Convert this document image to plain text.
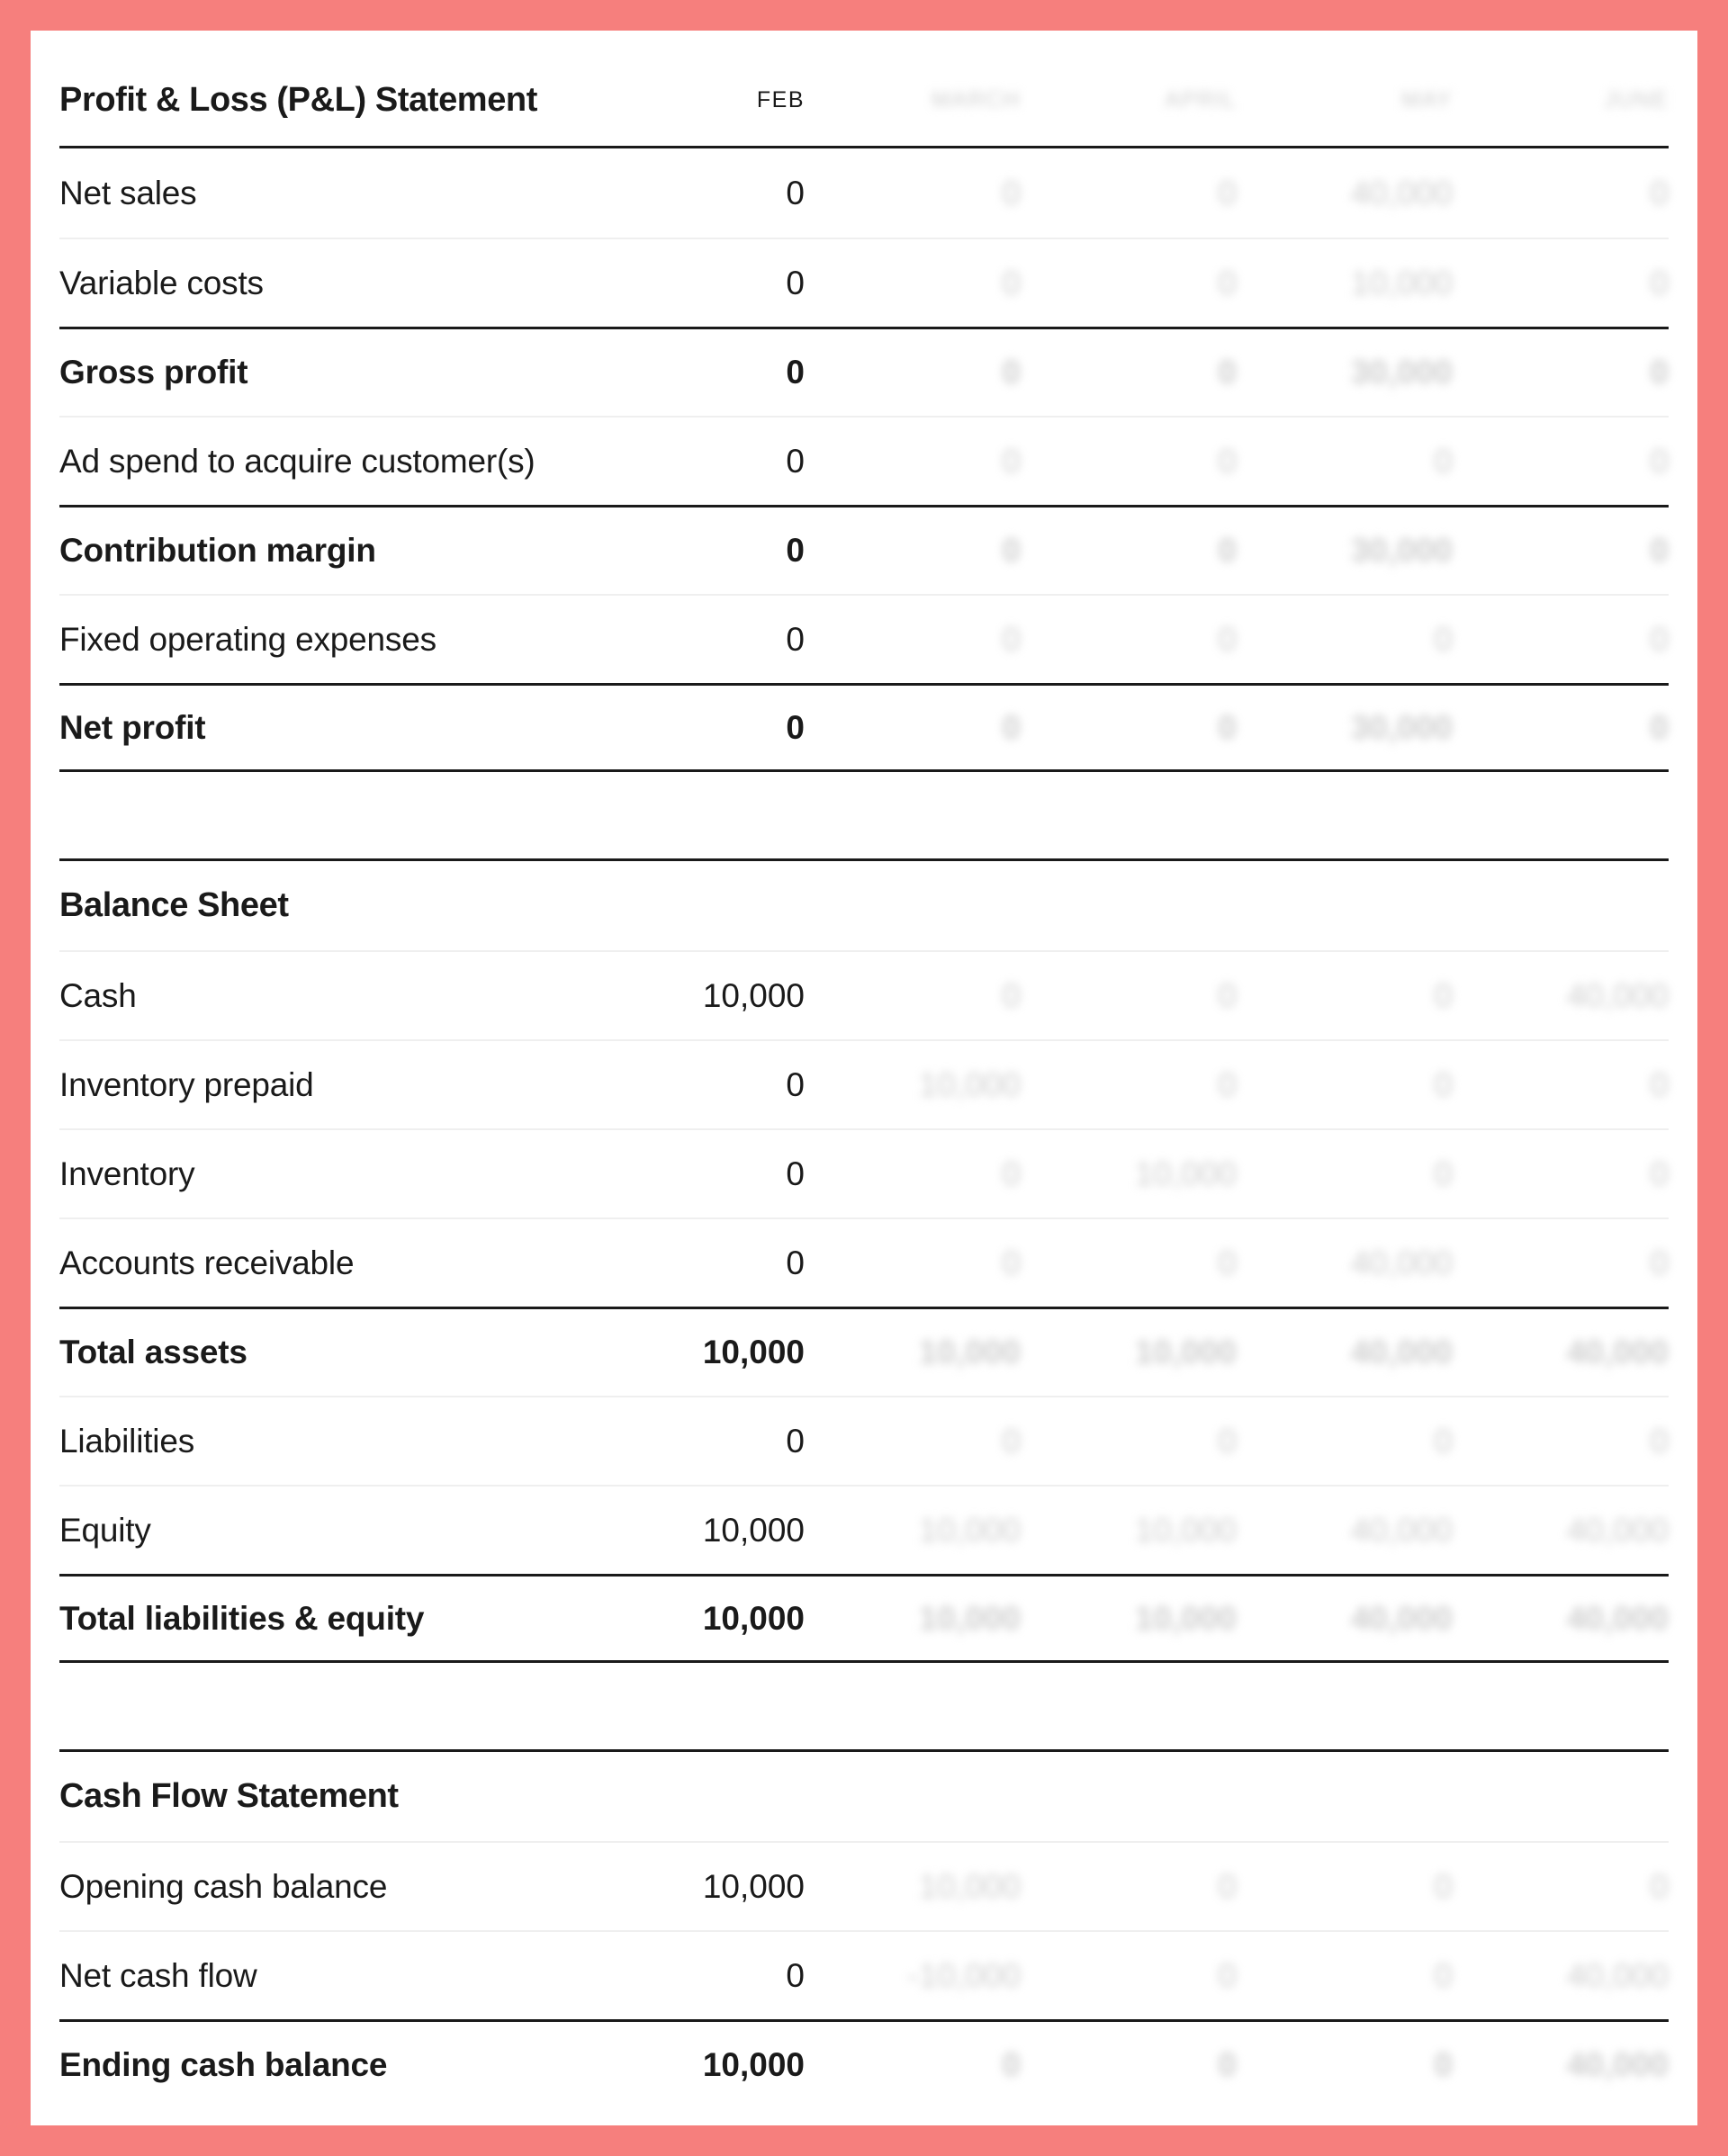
Profit & Loss (P&L) Statement	FEB	MARCH	APRIL	MAY	JUNE
Net sales	0	0	0	40,000	0
Variable costs	0	0	0	10,000	0
Gross profit	0	0	0	30,000	0
Ad spend to acquire customer(s)	0	0	0	0	0
Contribution margin	0	0	0	30,000	0
Fixed operating expenses	0	0	0	0	0
Net profit	0	0	0	30,000	0
Balance Sheet
Cash	10,000	0	0	0	40,000
Inventory prepaid	0	10,000	0	0	0
Inventory	0	0	10,000	0	0
Accounts receivable	0	0	0	40,000	0
Total assets	10,000	10,000	10,000	40,000	40,000
Liabilities	0	0	0	0	0
Equity	10,000	10,000	10,000	40,000	40,000
Total liabilities & equity	10,000	10,000	10,000	40,000	40,000
Cash Flow Statement
Opening cash balance	10,000	10,000	0	0	0
Net cash flow	0	-10,000	0	0	40,000
Ending cash balance	10,000	0	0	0	40,000
